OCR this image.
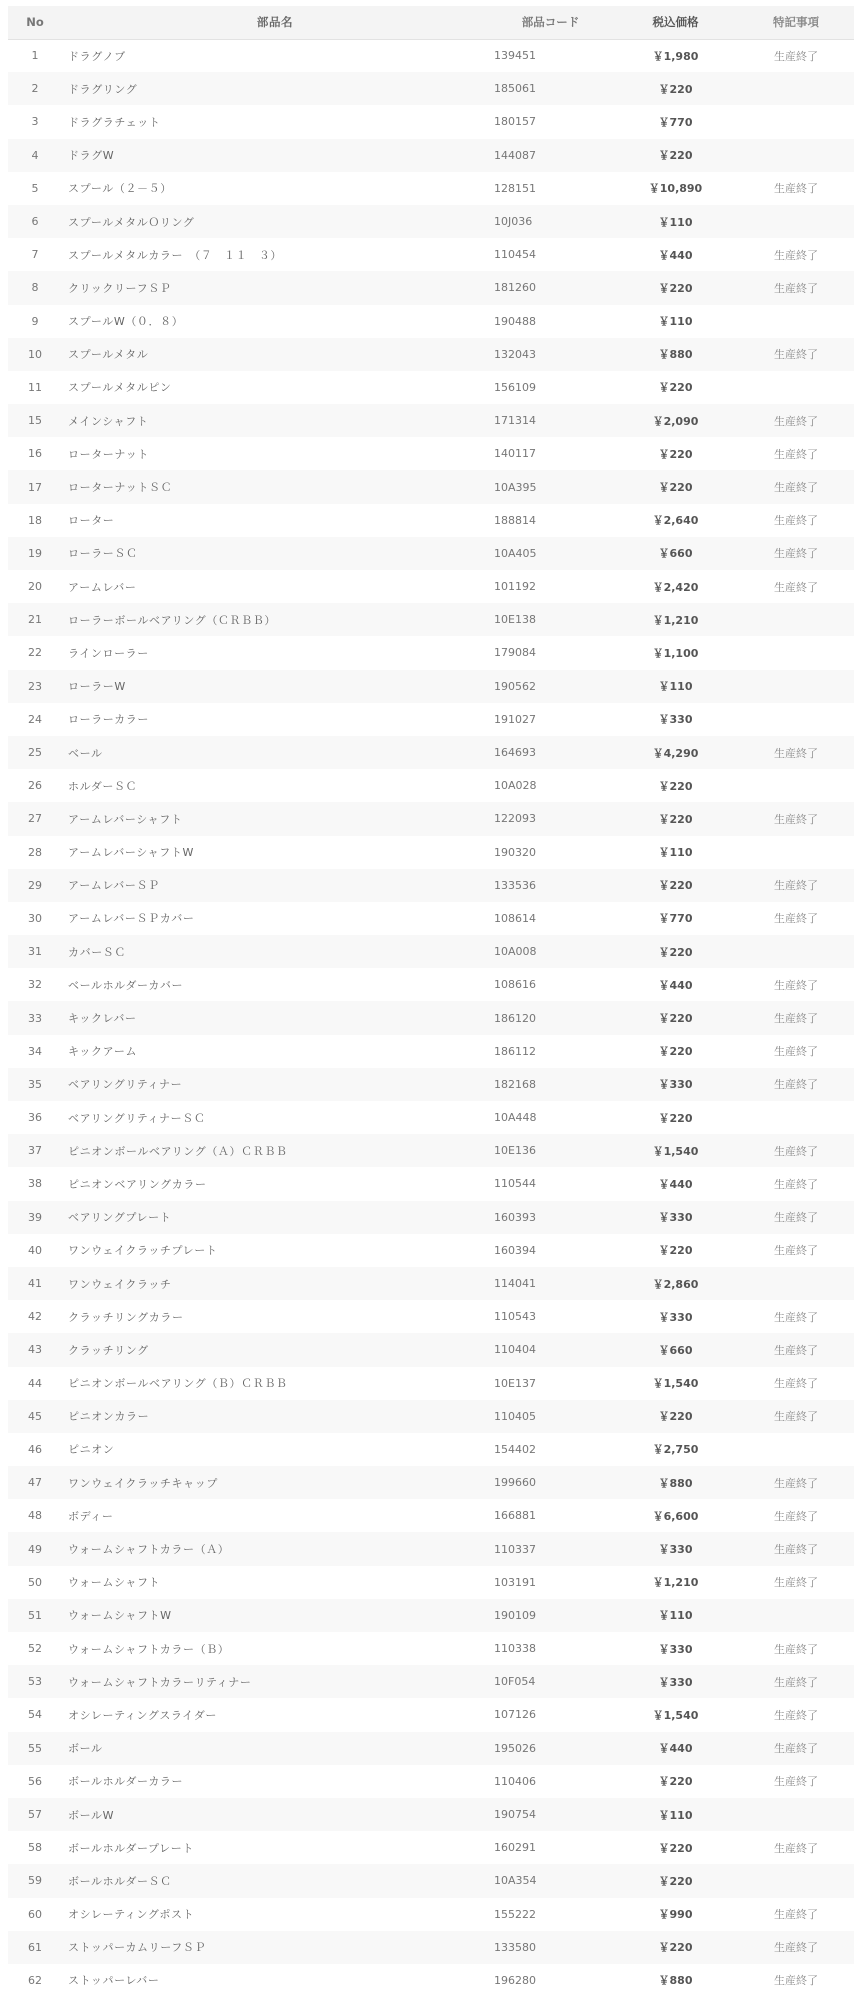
No	部品名	部品コード	税込価格	特記事項
1	ドラグノブ	139451	￥1,980	生産終了
2	ドラグリング	185061	￥220	
3	ドラグラチェット	180157	￥770	
4	ドラグW	144087	￥220	
5	スプール（２－５）	128151	￥10,890	生産終了
6	スプールメタルＯリング	10J036	￥110	
7	スプールメタルカラー　（７　１１　３）	110454	￥440	生産終了
8	クリックリーフＳＰ	181260	￥220	生産終了
9	スプールW（０．８）	190488	￥110	
10	スプールメタル	132043	￥880	生産終了
11	スプールメタルピン	156109	￥220	
15	メインシャフト	171314	￥2,090	生産終了
16	ローターナット	140117	￥220	生産終了
17	ローターナットＳＣ	10A395	￥220	生産終了
18	ローター	188814	￥2,640	生産終了
19	ローラーＳＣ	10A405	￥660	生産終了
20	アームレバー	101192	￥2,420	生産終了
21	ローラーボールベアリング（ＣＲＢＢ）	10E138	￥1,210	
22	ラインローラー	179084	￥1,100	
23	ローラーW	190562	￥110	
24	ローラーカラー	191027	￥330	
25	ベール	164693	￥4,290	生産終了
26	ホルダーＳＣ	10A028	￥220	
27	アームレバーシャフト	122093	￥220	生産終了
28	アームレバーシャフトW	190320	￥110	
29	アームレバーＳＰ	133536	￥220	生産終了
30	アームレバーＳＰカバー	108614	￥770	生産終了
31	カバーＳＣ	10A008	￥220	
32	ベールホルダーカバー	108616	￥440	生産終了
33	キックレバー	186120	￥220	生産終了
34	キックアーム	186112	￥220	生産終了
35	ベアリングリティナー	182168	￥330	生産終了
36	ベアリングリティナーＳＣ	10A448	￥220	
37	ピニオンボールベアリング（Ａ）ＣＲＢＢ	10E136	￥1,540	生産終了
38	ピニオンベアリングカラー	110544	￥440	生産終了
39	ベアリングプレート	160393	￥330	生産終了
40	ワンウェイクラッチプレート	160394	￥220	生産終了
41	ワンウェイクラッチ	114041	￥2,860	
42	クラッチリングカラー	110543	￥330	生産終了
43	クラッチリング	110404	￥660	生産終了
44	ピニオンボールベアリング（Ｂ）ＣＲＢＢ	10E137	￥1,540	生産終了
45	ピニオンカラー	110405	￥220	生産終了
46	ピニオン	154402	￥2,750	
47	ワンウェイクラッチキャップ	199660	￥880	生産終了
48	ボディー	166881	￥6,600	生産終了
49	ウォームシャフトカラー（Ａ）	110337	￥330	生産終了
50	ウォームシャフト	103191	￥1,210	生産終了
51	ウォームシャフトW	190109	￥110	
52	ウォームシャフトカラー（Ｂ）	110338	￥330	生産終了
53	ウォームシャフトカラーリティナー	10F054	￥330	生産終了
54	オシレーティングスライダー	107126	￥1,540	生産終了
55	ボール	195026	￥440	生産終了
56	ボールホルダーカラー	110406	￥220	生産終了
57	ボールW	190754	￥110	
58	ボールホルダープレート	160291	￥220	生産終了
59	ボールホルダーＳＣ	10A354	￥220	
60	オシレーティングポスト	155222	￥990	生産終了
61	ストッパーカムリーフＳＰ	133580	￥220	生産終了
62	ストッパーレバー	196280	￥880	生産終了
